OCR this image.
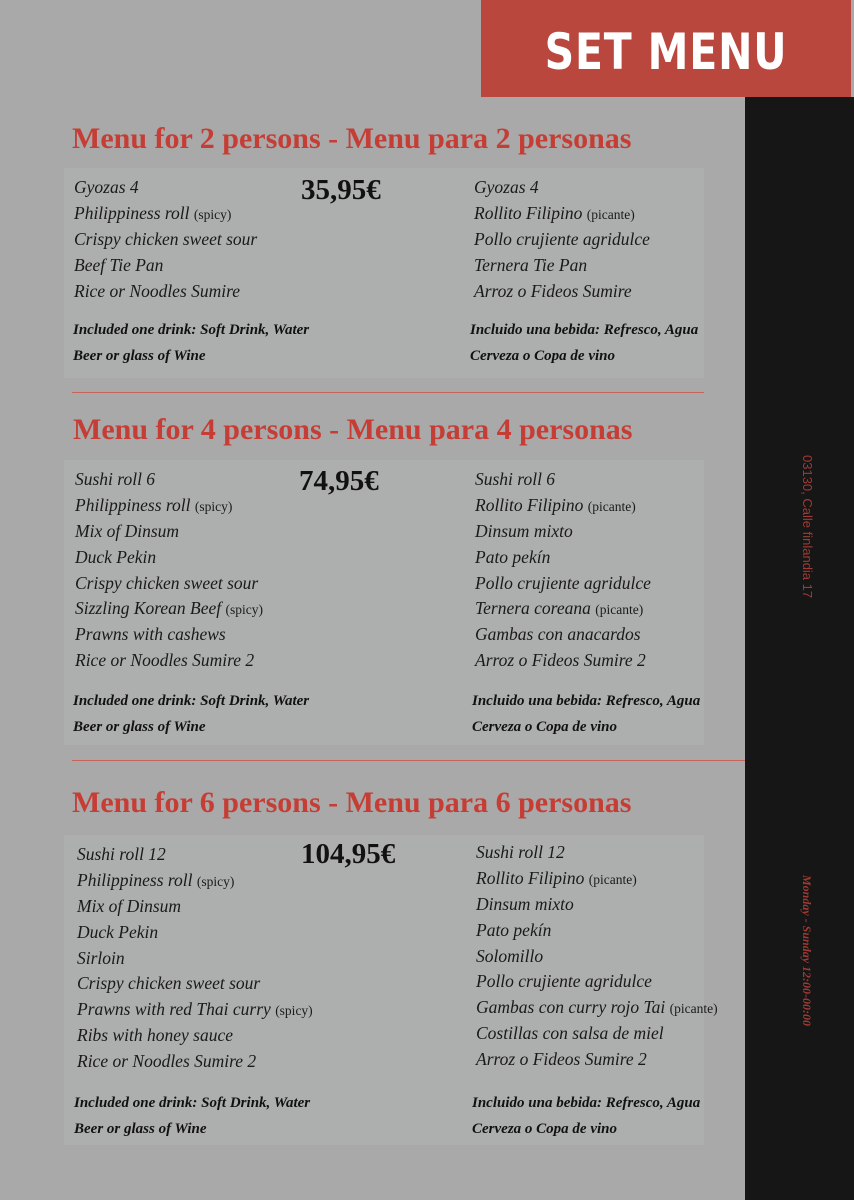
SET MENU
03130, Calle finlandia 17
Monday - Sunday 12:00-00:00
Menu for 2 persons - Menu para 2 personas
35,95€
Gyozas 4
Philippiness roll (spicy)
Crispy chicken sweet sour
Beef Tie Pan
Rice or Noodles Sumire
Gyozas 4
Rollito Filipino (picante)
Pollo crujiente agridulce
Ternera Tie Pan
Arroz o Fideos Sumire
Included one drink: Soft Drink, Water
Beer or glass of Wine
Incluido una bebida: Refresco, Agua
Cerveza o Copa de vino
Menu for 4 persons - Menu para 4 personas
74,95€
Sushi roll 6
Philippiness roll (spicy)
Mix of Dinsum
Duck Pekin
Crispy chicken sweet sour
Sizzling Korean Beef (spicy)
Prawns with cashews
Rice or Noodles Sumire 2
Sushi roll 6
Rollito Filipino (picante)
Dinsum mixto
Pato pekín
Pollo crujiente agridulce
Ternera coreana (picante)
Gambas con anacardos
Arroz o Fideos Sumire 2
Included one drink: Soft Drink, Water
Beer or glass of Wine
Incluido una bebida: Refresco, Agua
Cerveza o Copa de vino
Menu for 6 persons - Menu para 6 personas
104,95€
Sushi roll 12
Philippiness roll (spicy)
Mix of Dinsum
Duck Pekin
Sirloin
Crispy chicken sweet sour
Prawns with red Thai curry (spicy)
Ribs with honey sauce
Rice or Noodles Sumire 2
Sushi roll 12
Rollito Filipino (picante)
Dinsum mixto
Pato pekín
Solomillo
Pollo crujiente agridulce
Gambas con curry rojo Tai (picante)
Costillas con salsa de miel
Arroz o Fideos Sumire 2
Included one drink: Soft Drink, Water
Beer or glass of Wine
Incluido una bebida: Refresco, Agua
Cerveza o Copa de vino
